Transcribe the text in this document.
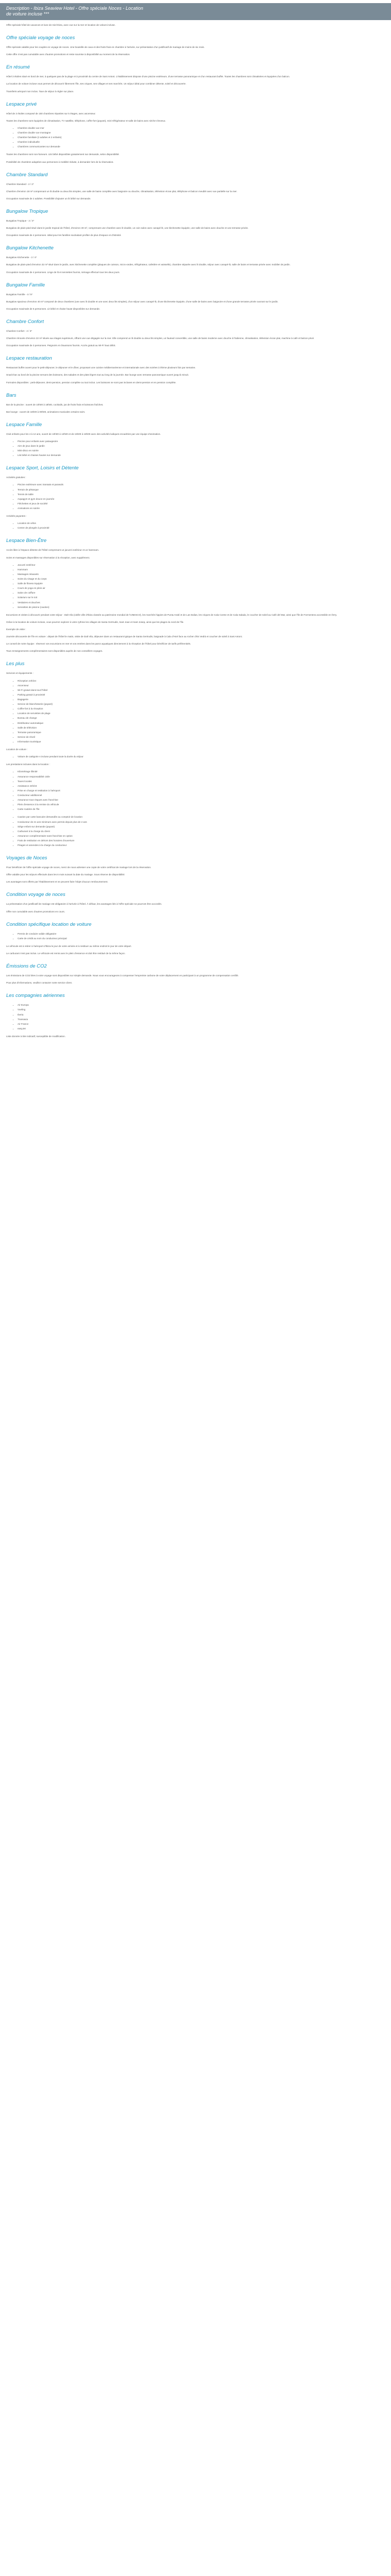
Description - Ibiza Seaview Hotel - Offre spéciale Noces - Location
de voiture incluse ***
Offre spéciale hôtel de vacances et lune de miel Ibiza, avec vue sur la mer et location de voiture incluse.
Offre spéciale voyage de noces
Offre spéciale valable pour les couples en voyage de noces. Une bouteille de cava et des fruits frais en chambre à l'arrivée, sur présentation d'un justificatif de mariage de moins de six mois.
Cette offre n'est pas cumulable avec d'autres promotions et reste soumise à disponibilité au moment de la réservation.
En résumé
Hôtel 3 étoiles situé en bord de mer, à quelques pas de la plage et à proximité du centre de Sant Antoni. L'établissement dispose d'une piscine extérieure, d'une terrasse panoramique et d'un restaurant buffet. Toutes les chambres sont climatisées et équipées d'un balcon.
La location de voiture incluse vous permet de découvrir librement l'île, ses criques, ses villages et ses marchés. Un séjour idéal pour combiner détente, soleil et découverte.
Transferts aéroport non inclus. Taxe de séjour à régler sur place.
Lespace privé
Hôtel de 3 étoiles composé de 150 chambres réparties sur 5 étages, avec ascenseur.
Toutes les chambres sont équipées de climatisation, TV satellite, téléphone, coffre-fort (payant), mini-réfrigérateur et salle de bains avec sèche-cheveux.
• Chambre double vue mer
• Chambre double vue montagne
• Chambre familiale (2 adultes et 2 enfants)
• Chambre individuelle
• Chambres communicantes sur demande
Toutes les chambres sont non-fumeurs. Lits bébé disponibles gratuitement sur demande, selon disponibilité.
Possibilité de chambres adaptées aux personnes à mobilité réduite, à demander lors de la réservation.
Chambre Standard
Chambre Standard - 2 / 2*
Chambre d'environ 18 m² comprenant un lit double ou deux lits simples, une salle de bains complète avec baignoire ou douche, climatisation, télévision écran plat, téléphone et balcon meublé avec vue partielle sur la mer.
Occupation maximale de 2 adultes. Possibilité d'ajouter un lit bébé sur demande.
Bungalow Tropique
Bungalow Tropique - 2 / 4*
Bungalow de plain-pied situé dans le jardin tropical de l'hôtel, d'environ 30 m², comprenant une chambre avec lit double, un coin salon avec canapé-lit, une kitchenette équipée, une salle de bains avec douche et une terrasse privée.
Occupation maximale de 4 personnes. Idéal pour les familles souhaitant profiter de plus d'espace et d'intimité.
Bungalow Kitchenette
Bungalow Kitchenette - 2 / 4*
Bungalow de plain-pied d'environ 32 m² situé dans le jardin, avec kitchenette complète (plaques de cuisson, micro-ondes, réfrigérateur, cafetière et vaisselle), chambre séparée avec lit double, séjour avec canapé-lit, salle de bains et terrasse privée avec mobilier de jardin.
Occupation maximale de 4 personnes. Linge de lit et serviettes fournis, ménage effectué tous les deux jours.
Bungalow Famille
Bungalow Famille - 4 / 5*
Bungalow spacieux d'environ 40 m² composé de deux chambres (une avec lit double et une avec deux lits simples), d'un séjour avec canapé-lit, d'une kitchenette équipée, d'une salle de bains avec baignoire et d'une grande terrasse privée ouvrant sur le jardin.
Occupation maximale de 5 personnes. Lit bébé et chaise haute disponibles sur demande.
Chambre Confort
Chambre Confort - 2 / 3*
Chambre rénovée d'environ 22 m² située aux étages supérieurs, offrant une vue dégagée sur la mer. Elle comprend un lit double ou deux lits simples, un fauteuil convertible, une salle de bains moderne avec douche à l'italienne, climatisation, télévision écran plat, machine à café et balcon privé.
Occupation maximale de 3 personnes. Peignoirs et chaussons fournis. Accès gratuit au Wi-Fi haut débit.
Lespace restauration
Restaurant buffet ouvert pour le petit-déjeuner, le déjeuner et le dîner, proposant une cuisine méditerranéenne et internationale avec des soirées à thème plusieurs fois par semaine.
Snack-bar au bord de la piscine servant des boissons, des salades et des plats légers tout au long de la journée. Bar lounge avec terrasse panoramique ouvert jusqu'à minuit.
Formules disponibles : petit-déjeuner, demi-pension, pension complète ou tout inclus. Les boissons ne sont pas incluses en demi-pension et en pension complète.
Bars
Bar de la piscine : ouvert de 10h00 à 18h00, cocktails, jus de fruits frais et boissons fraîches.
Bar lounge : ouvert de 18h00 à 00h00, animations musicales certains soirs.
Lespace Famille
Club enfants pour les 4 à 12 ans, ouvert de 10h00 à 13h00 et de 15h00 à 18h00 avec des activités ludiques encadrées par une équipe d'animation.
• Piscine pour enfants avec pataugeoire
• Aire de jeux dans le jardin
• Mini-disco en soirée
• Lits bébé et chaises hautes sur demande
Lespace Sport, Loisirs et Détente
Activités gratuites :
• Piscine extérieure avec transats et parasols
• Terrain de pétanque
• Tennis de table
• Aquagym et gym douce en journée
• Fléchettes et jeux de société
• Animations en soirée
Activités payantes :
• Location de vélos
• Centre de plongée à proximité
Lespace Bien-Être
Accès libre à l'espace détente de l'hôtel comprenant un jacuzzi extérieur et un hammam.
Soins et massages disponibles sur réservation à la réception, avec supplément.
• Jacuzzi extérieur
• Hammam
• Massages relaxants
• Soins du visage et du corps
• Salle de fitness équipée
• Cours de yoga en plein air
• Salon de coiffure
• Solarium sur le toit
• Vestiaires et douches
• Serviettes de piscine (caution)
Excursions et visites à découvrir pendant votre séjour : Dalt Vila (vieille ville d'Ibiza classée au patrimoine mondial de l'UNESCO), les marchés hippies de Punta Arabí et de Las Dalias, les criques de Cala Comte et de Cala Salada, le coucher de soleil au Café del Mar, ainsi que l'île de Formentera accessible en ferry.
Grâce à la location de voiture incluse, vous pourrez explorer à votre rythme les villages de Santa Gertrudis, Sant Joan et Sant Josep, ainsi que les plages du nord de l'île.
Exemple de visite :
Journée découverte de l'île en voiture : départ de l'hôtel le matin, visite de Dalt Vila, déjeuner dans un restaurant typique de Santa Gertrudis, baignade à Cala d'Hort face au rocher d'Es Vedrà et coucher de soleil à Sant Antoni.
Le conseil de notre équipe : réservez vos excursions en mer et vos entrées dans les parcs aquatiques directement à la réception de l'hôtel pour bénéficier de tarifs préférentiels.
Tous renseignements complémentaires sont disponibles auprès de nos conseillers voyages.
Les plus
Services et équipements :
• Réception 24h/24
• Ascenseur
• Wi-Fi gratuit dans tout l'hôtel
• Parking gratuit à proximité
• Bagagerie
• Service de blanchisserie (payant)
• Coffre-fort à la réception
• Location de serviettes de plage
• Bureau de change
• Distributeur automatique
• Salle de télévision
• Terrasse panoramique
• Service de réveil
• Information touristique
Location de voiture :
• Voiture de catégorie A incluse pendant toute la durée du séjour
Les prestations incluses dans la location :
• Kilométrage illimité
• Assurance responsabilité civile
• Taxes locales
• Assistance 24h/24
• Prise en charge et restitution à l'aéroport
• Conducteur additionnel
• Assurance tous risques avec franchise
• Plein d'essence à la remise du véhicule
• Carte routière de l'île
• Caution par carte bancaire demandée au comptoir de location
• Conducteur de 21 ans minimum avec permis depuis plus de 2 ans
• Siège enfant sur demande (payant)
• Carburant à la charge du client
• Assurance complémentaire sans franchise en option
• Frais de restitution en dehors des horaires d'ouverture
• Péages et amendes à la charge du conducteur
Voyages de Noces
Pour bénéficier de l'offre spéciale voyage de noces, merci de nous adresser une copie de votre certificat de mariage lors de la réservation.
Offre valable pour les séjours effectués dans les 6 mois suivant la date du mariage. Sous réserve de disponibilité.
Les avantages sont offerts par l'établissement et ne peuvent faire l'objet d'aucun remboursement.
Condition voyage de noces
La présentation d'un justificatif de mariage est obligatoire à l'arrivée à l'hôtel. À défaut, les avantages liés à l'offre spéciale ne pourront être accordés.
Offre non cumulable avec d'autres promotions en cours.
Condition spécifique location de voiture
• Permis de conduire valide obligatoire
• Carte de crédit au nom du conducteur principal
Le véhicule est à retirer à l'aéroport d'Ibiza le jour de votre arrivée et à restituer au même endroit le jour de votre départ.
Le carburant n'est pas inclus. Le véhicule est remis avec le plein d'essence et doit être restitué de la même façon.
Émissions de CO2
Les émissions de CO2 liées à votre voyage sont disponibles sur simple demande. Nous vous encourageons à compenser l'empreinte carbone de votre déplacement en participant à un programme de compensation certifié.
Pour plus d'informations, veuillez contacter notre service client.
Les compagnies aériennes
• Air Europa
• Vueling
• Iberia
• Transavia
• Air France
• easyJet
Liste donnée à titre indicatif, susceptible de modification.
